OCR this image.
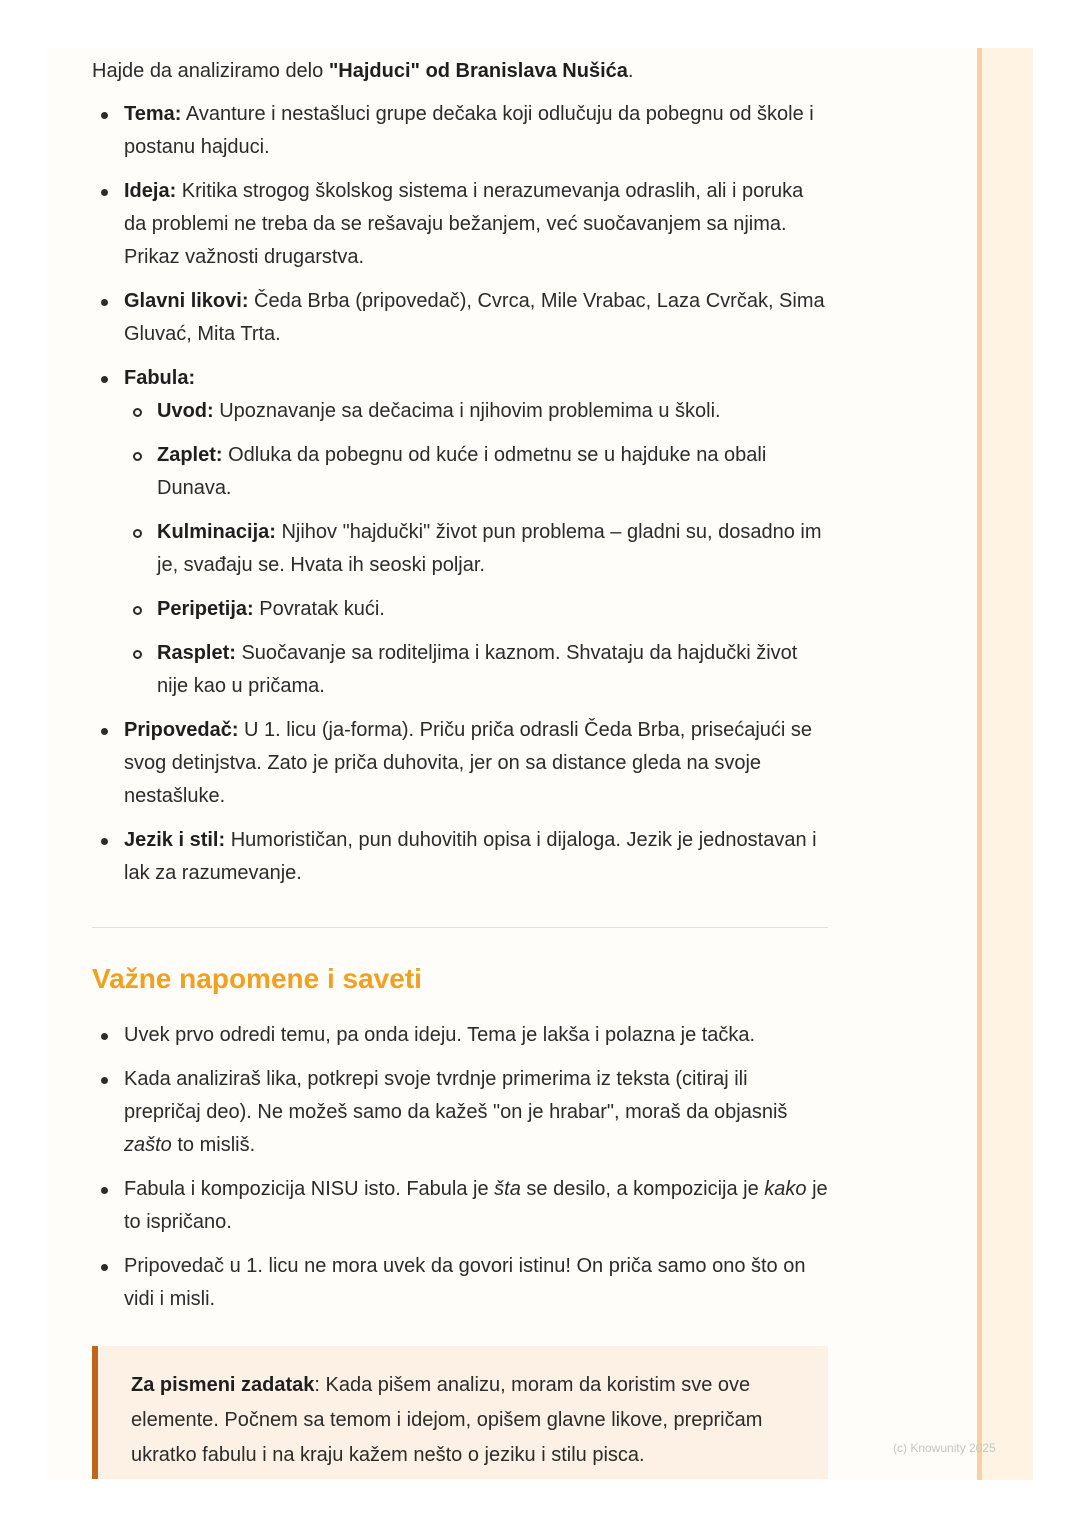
Hajde da analiziramo delo "Hajduci" od Branislava Nušića.

Tema: Avanture i nestašluci grupe dečaka koji odlučuju da pobegnu od škole i postanu hajduci.
Ideja: Kritika strogog školskog sistema i nerazumevanja odraslih, ali i poruka da problemi ne treba da se rešavaju bežanjem, već suočavanjem sa njima. Prikaz važnosti drugarstva.
Glavni likovi: Čeda Brba (pripovedač), Cvrca, Mile Vrabac, Laza Cvrčak, Sima Gluvać, Mita Trta.
Fabula:
Uvod: Upoznavanje sa dečacima i njihovim problemima u školi.
Zaplet: Odluka da pobegnu od kuće i odmetnu se u hajduke na obali Dunava.
Kulminacija: Njihov "hajdučki" život pun problema – gladni su, dosadno im je, svađaju se. Hvata ih seoski poljar.
Peripetija: Povratak kući.
Rasplet: Suočavanje sa roditeljima i kaznom. Shvataju da hajdučki život nije kao u pričama.
Pripovedač: U 1. licu (ja-forma). Priču priča odrasli Čeda Brba, prisećajući se svog detinjstva. Zato je priča duhovita, jer on sa distance gleda na svoje nestašluke.
Jezik i stil: Humorističan, pun duhovitih opisa i dijaloga. Jezik je jednostavan i lak za razumevanje.
Važne napomene i saveti
Uvek prvo odredi temu, pa onda ideju. Tema je lakša i polazna je tačka.
Kada analiziraš lika, potkrepi svoje tvrdnje primerima iz teksta (citiraj ili prepričaj deo). Ne možeš samo da kažeš "on je hrabar", moraš da objasniš zašto to misliš.
Fabula i kompozicija NISU isto. Fabula je šta se desilo, a kompozicija je kako je to ispričano.
Pripovedač u 1. licu ne mora uvek da govori istinu! On priča samo ono što on vidi i misli.
Za pismeni zadatak: Kada pišem analizu, moram da koristim sve ove elemente. Počnem sa temom i idejom, opišem glavne likove, prepričam ukratko fabulu i na kraju kažem nešto o jeziku i stilu pisca.	(c) Knowunity 2025
